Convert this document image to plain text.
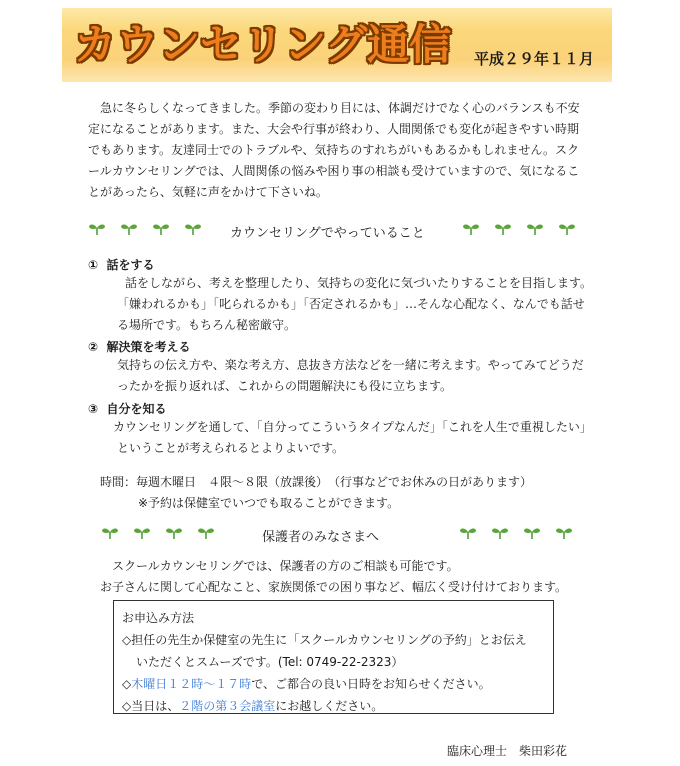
カウンセリング通信 平成２９年１１月
急に冬らしくなってきました。季節の変わり目には、体調だけでなく心のバランスも不安
定になることがあります。また、大会や行事が終わり、人間関係でも変化が起きやすい時期
でもあります。友達同士でのトラブルや、気持ちのすれちがいもあるかもしれません。スク
ールカウンセリングでは、人間関係の悩みや困り事の相談も受けていますので、気になるこ
とがあったら、気軽に声をかけて下さいね。
カウンセリングでやっていること
① 話をする
話をしながら、考えを整理したり、気持ちの変化に気づいたりすることを目指します。
「嫌われるかも」「叱られるかも」「否定されるかも」…そんな心配なく、なんでも話せ
る場所です。もちろん秘密厳守。
② 解決策を考える
気持ちの伝え方や、楽な考え方、息抜き方法などを一緒に考えます。やってみてどうだ
ったかを振り返れば、これからの問題解決にも役に立ちます。
③ 自分を知る
カウンセリングを通して、「自分ってこういうタイプなんだ」「これを人生で重視したい」
ということが考えられるとよりよいです。
時間：毎週木曜日　４限～８限（放課後）　（行事などでお休みの日があります）
※予約は保健室でいつでも取ることができます。
保護者のみなさまへ
スクールカウンセリングでは、保護者の方のご相談も可能です。
お子さんに関して心配なこと、家族関係での困り事など、幅広く受け付けております。
お申込み方法
◇担任の先生か保健室の先生に「スクールカウンセリングの予約」とお伝え
いただくとスムーズです。(Tel: 0749-22-2323）
◇木曜日１２時～１７時で、ご都合の良い日時をお知らせください。
◇当日は、２階の第３会議室にお越しください。
臨床心理士　柴田彩花
